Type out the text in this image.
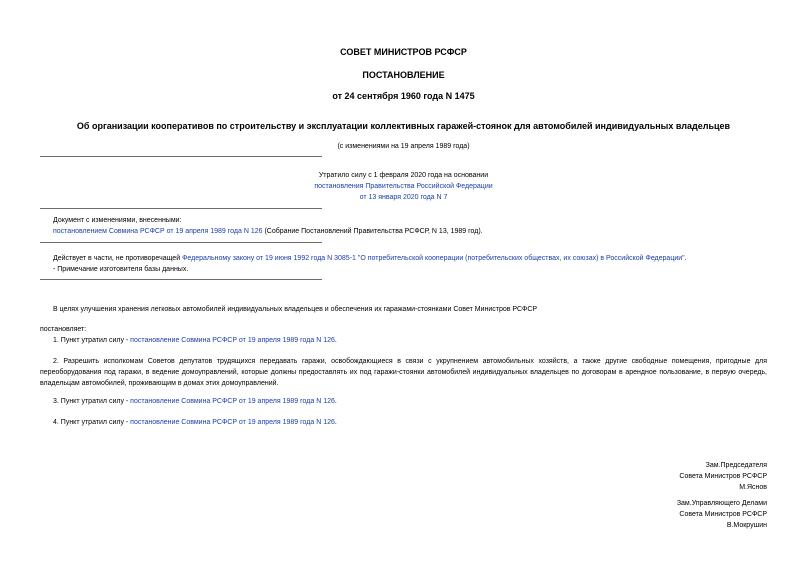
СОВЕТ МИНИСТРОВ РСФСР
ПОСТАНОВЛЕНИЕ
от 24 сентября 1960 года N 1475
Об организации кооперативов по строительству и эксплуатации коллективных гаражей-стоянок для автомобилей индивидуальных владельцев
(с изменениями на 19 апреля 1989 года)
Утратило силу с 1 февраля 2020 года на основании
постановления Правительства Российской Федерации
от 13 января 2020 года N 7
Документ с изменениями, внесенными:
постановлением Совмина РСФСР от 19 апреля 1989 года N 126 (Собрание Постановлений Правительства РСФСР, N 13, 1989 год).
Действует в части, не противоречащей Федеральному закону от 19 июня 1992 года N 3085-1 "О потребительской кооперации (потребительских обществах, их союзах) в Российской Федерации".
- Примечание изготовителя базы данных.
В целях улучшения хранения легковых автомобилей индивидуальных владельцев и обеспечения их гаражами-стоянками Совет Министров РСФСР
постановляет:
1. Пункт утратил силу - постановление Совмина РСФСР от 19 апреля 1989 года N 126.
2. Разрешить исполкомам Советов депутатов трудящихся передавать гаражи, освобождающиеся в связи с укрупнением автомобильных хозяйств, а также другие свободные помещения, пригодные для переоборудования под гаражи, в ведение домоуправлений, которые должны предоставлять их под гаражи-стоянки автомобилей индивидуальных владельцев по договорам в арендное пользование, в первую очередь, владельцам автомобилей, проживающим в домах этих домоуправлений.
3. Пункт утратил силу - постановление Совмина РСФСР от 19 апреля 1989 года N 126.
4. Пункт утратил силу - постановление Совмина РСФСР от 19 апреля 1989 года N 126.
Зам.Председателя
Совета Министров РСФСР
М.Яснов
Зам.Управляющего Делами
Совета Министров РСФСР
В.Мокрушин
